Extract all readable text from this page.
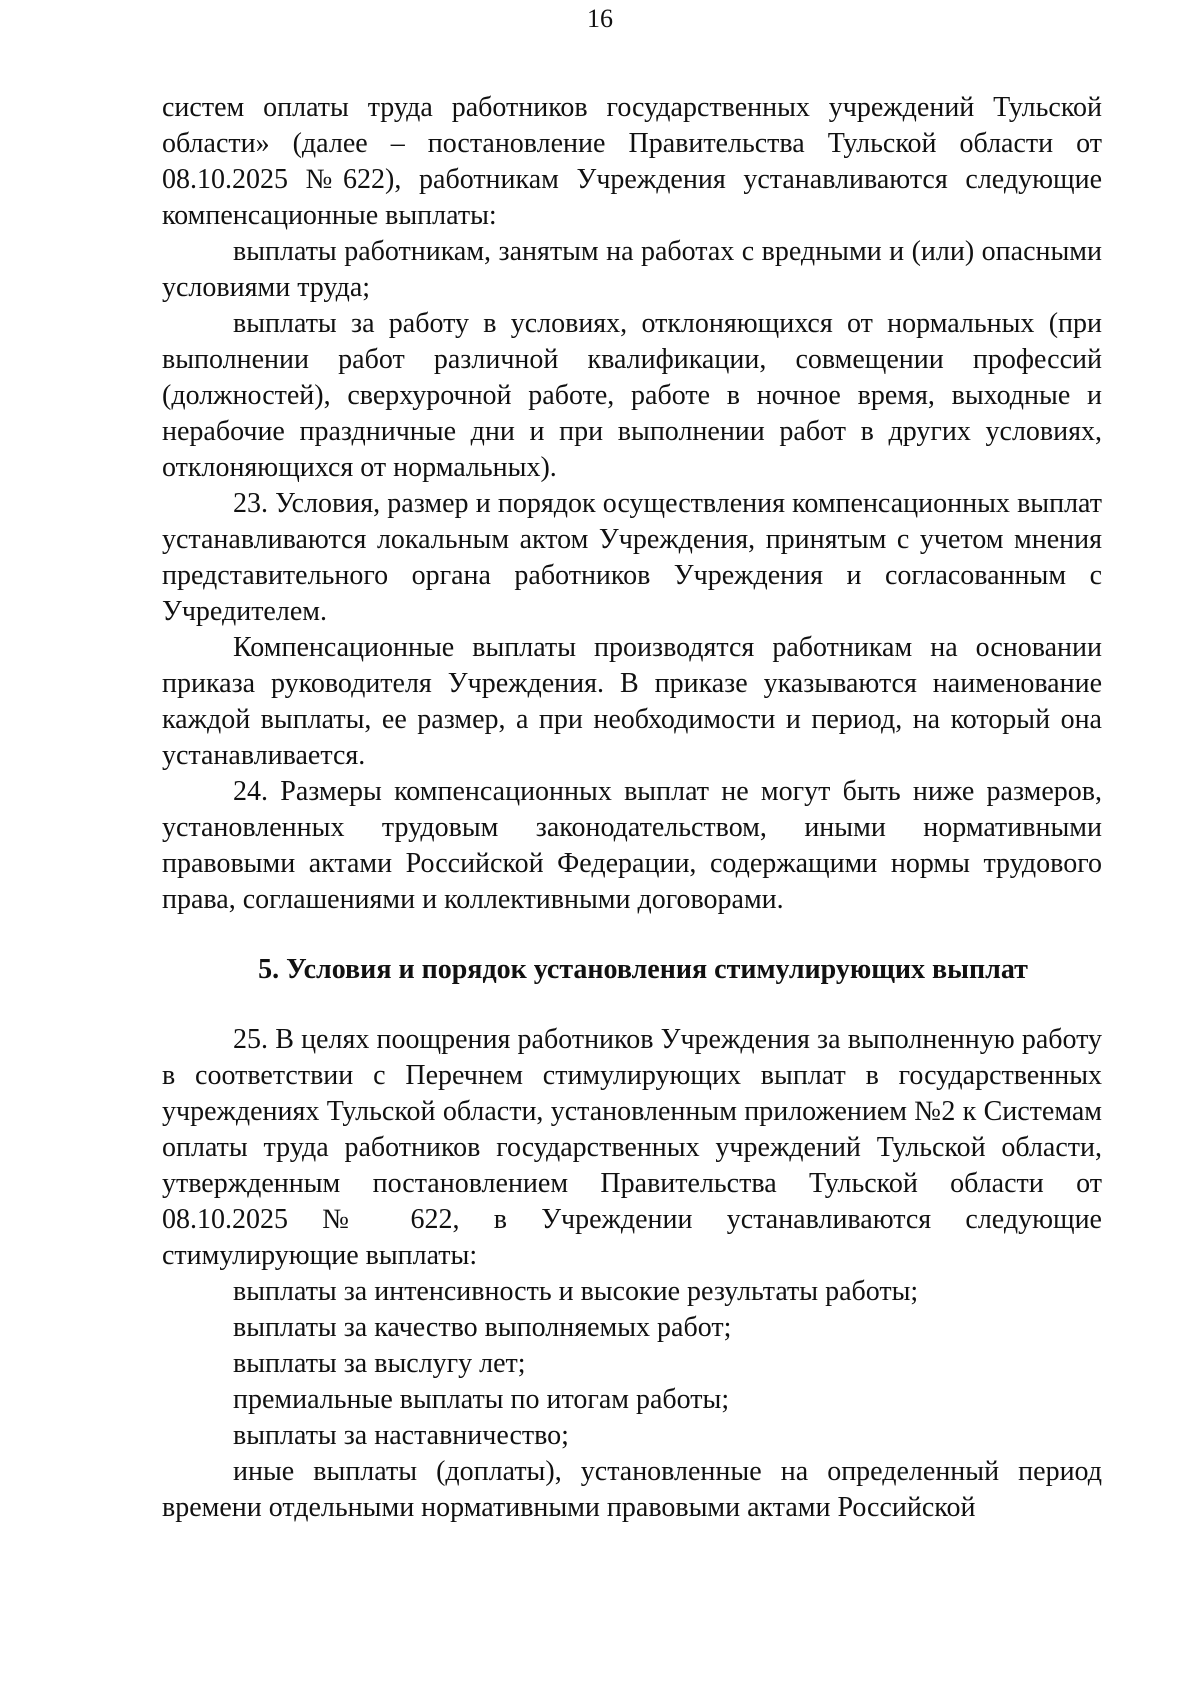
16

систем оплаты труда работников государственных учреждений Тульской области» (далее – постановление Правительства Тульской области от 08.10.2025 №622), работникам Учреждения устанавливаются следующие компенсационные выплаты:

выплаты работникам, занятым на работах с вредными и (или) опасными условиями труда;

выплаты за работу в условиях, отклоняющихся от нормальных (при выполнении работ различной квалификации, совмещении профессий (должностей), сверхурочной работе, работе в ночное время, выходные и нерабочие праздничные дни и при выполнении работ в других условиях, отклоняющихся от нормальных).

23. Условия, размер и порядок осуществления компенсационных выплат устанавливаются локальным актом Учреждения, принятым с учетом мнения представительного органа работников Учреждения и согласованным с Учредителем.

Компенсационные выплаты производятся работникам на основании приказа руководителя Учреждения. В приказе указываются наименование каждой выплаты, ее размер, а при необходимости и период, на который она устанавливается.

24. Размеры компенсационных выплат не могут быть ниже размеров, установленных трудовым законодательством, иными нормативными правовыми актами Российской Федерации, содержащими нормы трудового права, соглашениями и коллективными договорами.

5. Условия и порядок установления стимулирующих выплат

25. В целях поощрения работников Учреждения за выполненную работу в соответствии с Перечнем стимулирующих выплат в государственных учреждениях Тульской области, установленным приложением №2 к Системам оплаты труда работников государственных учреждений Тульской области, утвержденным постановлением Правительства Тульской области от 08.10.2025 № 622, в Учреждении устанавливаются следующие стимулирующие выплаты:

выплаты за интенсивность и высокие результаты работы;

выплаты за качество выполняемых работ;

выплаты за выслугу лет;

премиальные выплаты по итогам работы;

выплаты за наставничество;

иные выплаты (доплаты), установленные на определенный период времени отдельными нормативными правовыми актами Российской
